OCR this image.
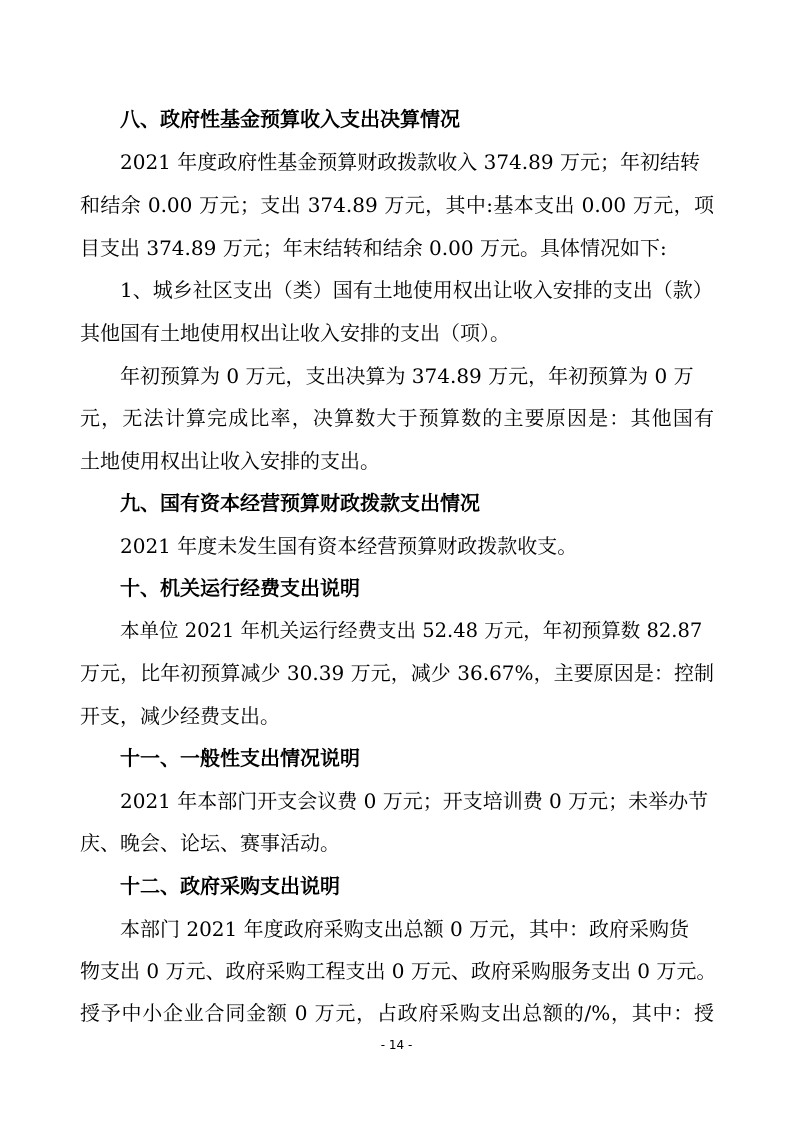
八、政府性基金预算收入支出决算情况
2021 年度政府性基金预算财政拨款收入 374.89 万元；年初结转
和结余 0.00 万元；支出 374.89 万元，其中:基本支出 0.00 万元，项
目支出 374.89 万元；年末结转和结余 0.00 万元。具体情况如下:
1、城乡社区支出（类）国有土地使用权出让收入安排的支出（款）
其他国有土地使用权出让收入安排的支出（项）。
年初预算为 0 万元，支出决算为 374.89 万元，年初预算为 0 万
元，无法计算完成比率，决算数大于预算数的主要原因是：其他国有
土地使用权出让收入安排的支出。
九、国有资本经营预算财政拨款支出情况
2021 年度未发生国有资本经营预算财政拨款收支。
十、机关运行经费支出说明
本单位 2021 年机关运行经费支出 52.48 万元，年初预算数 82.87
万元，比年初预算减少 30.39 万元，减少 36.67%，主要原因是：控制
开支，减少经费支出。
十一、一般性支出情况说明
2021 年本部门开支会议费 0 万元；开支培训费 0 万元；未举办节
庆、晚会、论坛、赛事活动。
十二、政府采购支出说明
本部门 2021 年度政府采购支出总额 0 万元，其中：政府采购货
物支出 0 万元、政府采购工程支出 0 万元、政府采购服务支出 0 万元。
授予中小企业合同金额 0 万元，占政府采购支出总额的/%，其中：授
- 14 -
